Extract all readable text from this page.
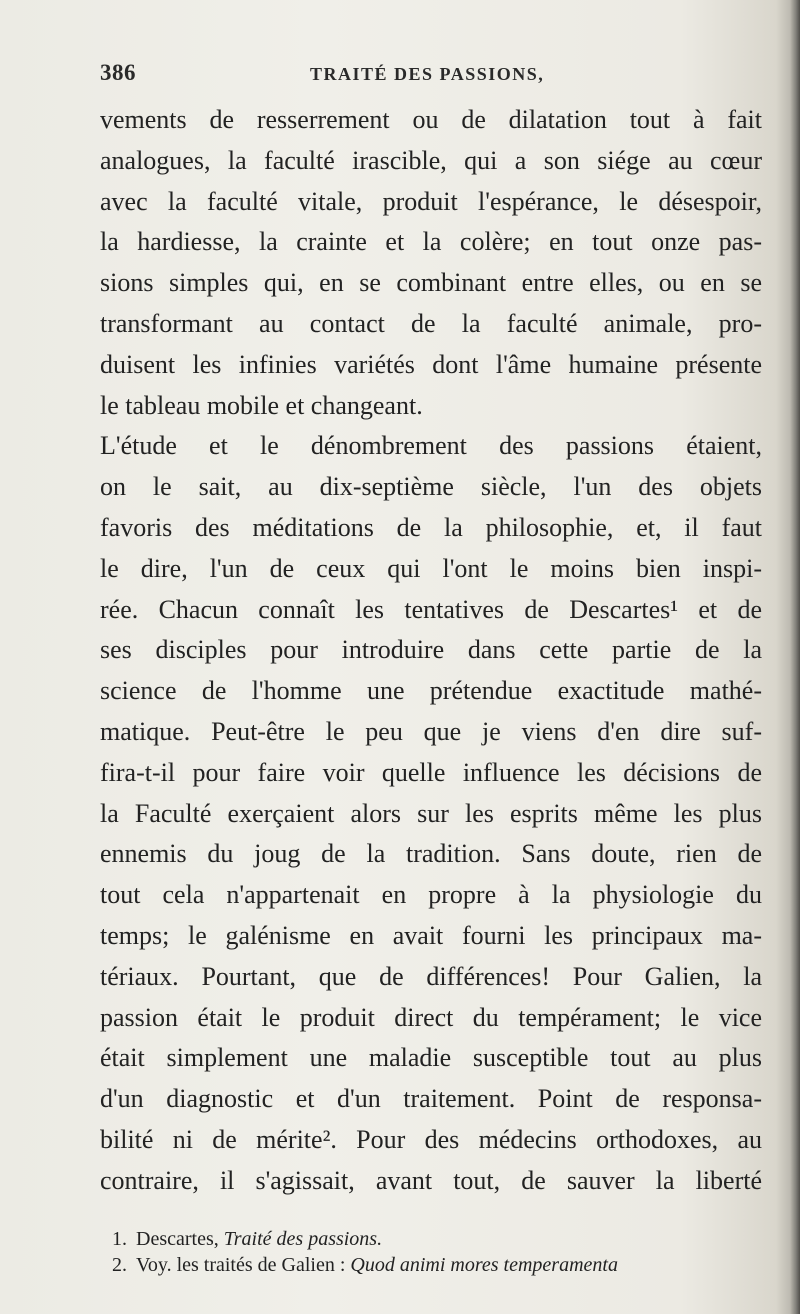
386	TRAITÉ DES PASSIONS,
vements de resserrement ou de dilatation tout à fait
analogues, la faculté irascible, qui a son siége au cœur
avec la faculté vitale, produit l'espérance, le désespoir,
la hardiesse, la crainte et la colère; en tout onze pas-
sions simples qui, en se combinant entre elles, ou en se
transformant au contact de la faculté animale, pro-
duisent les infinies variétés dont l'âme humaine présente
le tableau mobile et changeant.
L'étude et le dénombrement des passions étaient,
on le sait, au dix-septième siècle, l'un des objets
favoris des méditations de la philosophie, et, il faut
le dire, l'un de ceux qui l'ont le moins bien inspi-
rée. Chacun connaît les tentatives de Descartes¹ et de
ses disciples pour introduire dans cette partie de la
science de l'homme une prétendue exactitude mathé-
matique. Peut-être le peu que je viens d'en dire suf-
fira-t-il pour faire voir quelle influence les décisions de
la Faculté exerçaient alors sur les esprits même les plus
ennemis du joug de la tradition. Sans doute, rien de
tout cela n'appartenait en propre à la physiologie du
temps; le galénisme en avait fourni les principaux ma-
tériaux. Pourtant, que de différences! Pour Galien, la
passion était le produit direct du tempérament; le vice
était simplement une maladie susceptible tout au plus
d'un diagnostic et d'un traitement. Point de responsa-
bilité ni de mérite². Pour des médecins orthodoxes, au
contraire, il s'agissait, avant tout, de sauver la liberté
1. Descartes, Traité des passions.
2. Voy. les traités de Galien : Quod animi mores temperamenta
